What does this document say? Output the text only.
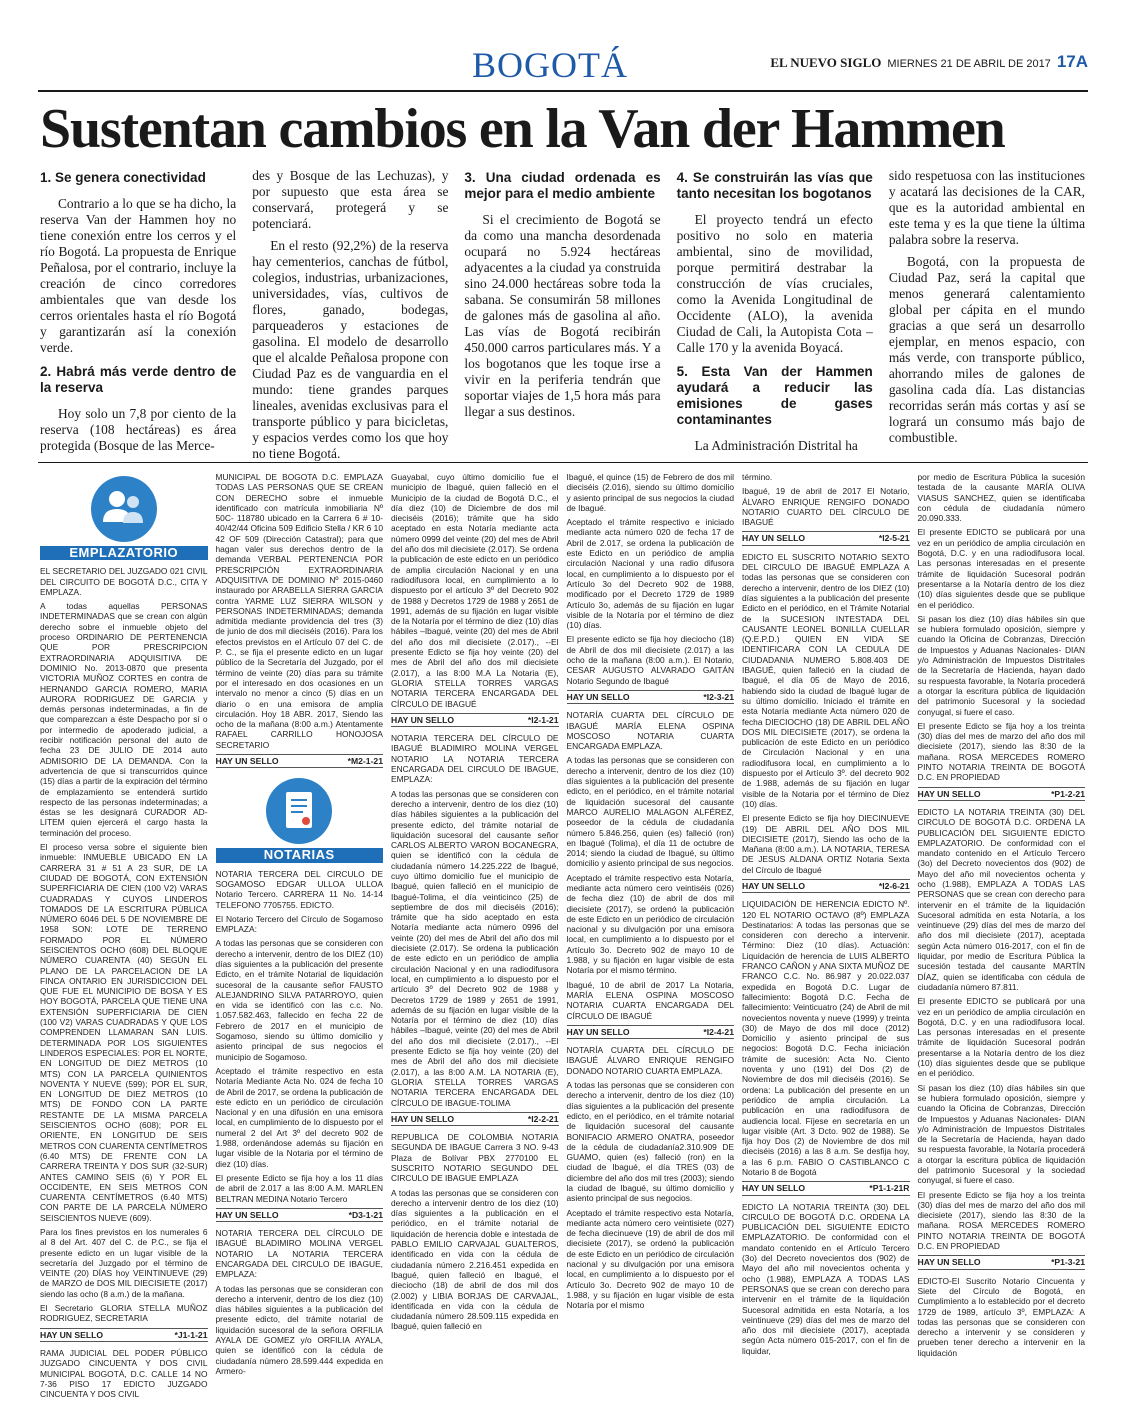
BOGOTÁ	EL NUEVO SIGLO MIERNES 21 DE ABRIL DE 2017 17A
Sustentan cambios en la Van der Hammen
1. Se genera conectividad

Contrario a lo que se ha dicho, la reserva Van der Hammen hoy no tiene conexión entre los cerros y el río Bogotá. La propuesta de Enrique Peñalosa, por el contrario, incluye la creación de cinco corredores ambientales que van desde los cerros orientales hasta el río Bogotá y garantizarán así la conexión verde.

2. Habrá más verde dentro de la reserva

Hoy solo un 7,8 por ciento de la reserva (108 hectáreas) es área protegida (Bosque de las Merce-

des y Bosque de las Lechuzas), y por supuesto que esta área se conservará, protegerá y se potenciará.

En el resto (92,2%) de la reserva hay cementerios, canchas de fútbol, colegios, industrias, urbanizaciones, universidades, vías, cultivos de flores, ganado, bodegas, parqueaderos y estaciones de gasolina. El modelo de desarrollo que el alcalde Peñalosa propone con Ciudad Paz es de vanguardia en el mundo: tiene grandes parques lineales, avenidas exclusivas para el transporte público y para bicicletas, y espacios verdes como los que hoy no tiene Bogotá.

3. Una ciudad ordenada es mejor para el medio ambiente

Si el crecimiento de Bogotá se da como una mancha desordenada ocupará no 5.924 hectáreas adyacentes a la ciudad ya construida sino 24.000 hectáreas sobre toda la sabana. Se consumirán 58 millones de galones más de gasolina al año. Las vías de Bogotá recibirán 450.000 carros particulares más. Y a los bogotanos que les toque irse a vivir en la periferia tendrán que soportar viajes de 1,5 hora más para llegar a sus destinos.

4. Se construirán las vías que tanto necesitan los bogotanos

El proyecto tendrá un efecto positivo no solo en materia ambiental, sino de movilidad, porque permitirá destrabar la construcción de vías cruciales, como la Avenida Longitudinal de Occidente (ALO), la avenida Ciudad de Cali, la Autopista Cota – Calle 170 y la avenida Boyacá.

5. Esta Van der Hammen ayudará a reducir las emisiones de gases contaminantes

La Administración Distrital ha

sido respetuosa con las instituciones y acatará las decisiones de la CAR, que es la autoridad ambiental en este tema y es la que tiene la última palabra sobre la reserva.

Bogotá, con la propuesta de Ciudad Paz, será la capital que menos generará calentamiento global per cápita en el mundo gracias a que será un desarrollo ejemplar, en menos espacio, con más verde, con transporte público, ahorrando miles de galones de gasolina cada día. Las distancias recorridas serán más cortas y así se logrará un consumo más bajo de combustible.

EMPLAZATORIO
EL SECRETARIO DEL JUZGADO 021 CIVIL DEL CIRCUITO DE BOGOTÁ D.C., CITA Y EMPLAZA.
A todas aquellas PERSONAS INDETERMINADAS que se crean con algún derecho sobre el inmueble objeto del proceso ORDINARIO DE PERTENENCIA QUE POR PRESCRIPCION EXTRAORDINARIA ADQUISITIVA DE DOMINIO No. 2013-0870 que presenta VICTORIA MUÑOZ CORTES en contra de HERNANDO GARCIA ROMERO, MARIA AURORA RODRIGUEZ DE GARCIA y demás personas indeterminadas, a fin de que comparezcan a éste Despacho por sí o por intermedio de apoderado judicial, a recibir notificación personal del auto de fecha 23 DE JULIO DE 2014 auto ADMISORIO DE LA DEMANDA. Con la advertencia de que si transcurridos quince (15) días a partir de la expiración del término de emplazamiento se entenderá surtido respecto de las personas indeterminadas; a éstas se les designará CURADOR AD-LITEM quien ejercerá el cargo hasta la terminación del proceso.
El proceso versa sobre el siguiente bien inmueble: INMUEBLE UBICADO EN LA CARRERA 31 # 51 A 23 SUR, DE LA CIUDAD DE BOGOTÁ, CON EXTENSIÓN SUPERFICIARIA DE CIEN (100 V2) VARAS CUADRADAS Y CUYOS LINDEROS TOMADOS DE LA ESCRITURA PÚBLICA NÚMERO 6046 DEL 5 DE NOVIEMBRE DE 1958 SON: LOTE DE TERRENO FORMADO POR EL NÚMERO SEISCIENTOS OCHO (608) DEL BLOQUE NÚMERO CUARENTA (40) SEGÚN EL PLANO DE LA PARCELACION DE LA FINCA ONTARIO EN JURISDICCION DEL QUE FUE EL MUNICIPIO DE BOSA Y ES HOY BOGOTÁ, PARCELA QUE TIENE UNA EXTENSIÓN SUPERFICIARIA DE CIEN (100 V2) VARAS CUADRADAS Y QUE LOS COMPRENDEN LLAMARAN SAN LUIS. DETERMINADA POR LOS SIGUIENTES LINDEROS ESPECIALES: POR EL NORTE, EN LONGITUD DE DIEZ METROS (10 MTS) CON LA PARCELA QUINIENTOS NOVENTA Y NUEVE (599); POR EL SUR, EN LONGITUD DE DIEZ METROS (10 MTS) DE FONDO CON LA PARTE RESTANTE DE LA MISMA PARCELA SEISCIENTOS OCHO (608); POR EL ORIENTE, EN LONGITUD DE SEIS METROS CON CUARENTA CENTÍMETROS (6.40 MTS) DE FRENTE CON LA CARRERA TREINTA Y DOS SUR (32-SUR) ANTES CAMINO SEIS (6) Y POR EL OCCIDENTE, EN SEIS METROS CON CUARENTA CENTÍMETROS (6.40 MTS) CON PARTE DE LA PARCELA NÚMERO SEISCIENTOS NUEVE (609).
Para los fines previstos en los numerales 6 al 8 del Art. 407 del C. de P.C., se fija el presente edicto en un lugar visible de la secretaría del Juzgado por el término de VEINTE (20) DÍAS hoy VEINTINUEVE (29) de MARZO de DOS MIL DIECISIETE (2017) siendo las ocho (8 a.m.) de la mañana.
El Secretario GLORIA STELLA MUÑOZ RODRIGUEZ, SECRETARIA
HAY UN SELLO	*J1-1-21
RAMA JUDICIAL DEL PODER PÚBLICO JUZGADO CINCUENTA Y DOS CIVIL MUNICIPAL BOGOTÁ, D.C. CALLE 14 NO 7-36 PISO 17 EDICTO JUZGADO CINCUENTA Y DOS CIVIL
MUNICIPAL DE BOGOTA D.C. EMPLAZA TODAS LAS PERSONAS QUE SE CREAN CON DERECHO sobre el inmueble identificado con matrícula inmobiliaria Nº 50C- 118780 ubicado en la Carrera 6 # 10-40/42/44 Oficina 509 Edificio Stella / KR 6 10 42 OF 509 (Dirección Catastral); para que hagan valer sus derechos dentro de la demanda VERBAL PERTENENCIA POR PRESCRIPCIÓN EXTRAORDINARIA ADQUISITIVA DE DOMINIO Nº 2015-0460 instaurado por ARABELLA SIERRA GARCIA contra YARME LUZ SIERRA WILSON y PERSONAS INDETERMINADAS; demanda admitida mediante providencia del tres (3) de junio de dos mil dieciséis (2016). Para los efectos previstos en el Artículo 07 del C. de P. C., se fija el presente edicto en un lugar público de la Secretaría del Juzgado, por el término de veinte (20) días para su trámite por el interesado en dos ocasiones en un intervalo no menor a cinco (5) días en un diario o en una emisora de amplia circulación. Hoy 18 ABR. 2017, Siendo las ocho de la mañana (8:00 a.m.) Atentamente RAFAEL CARRILLO HONOJOSA SECRETARIO
HAY UN SELLO	*M2-1-21
NOTARIAS
NOTARIA TERCERA DEL CIRCULO DE SOGAMOSO EDGAR ULLOA ULLOA Notario Tercero. CARRERA 11 No. 14-14 TELEFONO 7705755. EDICTO.
El Notario Tercero del Círculo de Sogamoso EMPLAZA:
A todas las personas que se consideren con derecho a intervenir, dentro de los DIEZ (10) días siguientes a la publicación del presente Edicto, en el trámite Notarial de liquidación sucesoral de la causante señor FAUSTO ALEJANDRINO SILVA PATARROYO, quien en vida se identificó con las c.c. No. 1.057.582.463, fallecido en fecha 22 de Febrero de 2017 en el municipio de Sogamoso, siendo su último domicilio y asiento principal de sus negocios el municipio de Sogamoso.
Aceptado el trámite respectivo en esta Notaría Mediante Acta No. 024 de fecha 10 de Abril de 2017, se ordena la publicación de este edicto en un periódico de circulación Nacional y en una difusión en una emisora local, en cumplimiento de lo dispuesto por el numeral 2 del Art 3º del decreto 902 de 1.988, ordenándose además su fijación en lugar visible de la Notaria por el término de diez (10) días.
El presente Edicto se fija hoy a los 11 días de abril de 2.017 a las 8:00 A.M. MARLEN BELTRAN MEDINA Notario Tercero
HAY UN SELLO	*D3-1-21
NOTARIA TERCERA DEL CÍRCULO DE IBAGUÉ BLADIMIRO MOLINA VERGEL NOTARIO LA NOTARIA TERCERA ENCARGADA DEL CIRCULO DE IBAGUE, EMPLAZA:
A todas las personas que se consideran con derecho a intervenir, dentro de los diez (10) días hábiles siguientes a la publicación del presente edicto, del trámite notarial de liquidación sucesoral de la señora ORFILIA AYALA DE GOMEZ y/o ORFILIA AYALA, quien se identificó con la cédula de ciudadanía número 28.599.444 expedida en Armero-
Guayabal, cuyo último domicilio fue el municipio de Ibagué, quien falleció en el Municipio de la ciudad de Bogotá D.C., el día diez (10) de Diciembre de dos mil dieciséis (2016); trámite que ha sido aceptado en esta Notaría mediante acta número 0999 del veinte (20) del mes de Abril del año dos mil diecisiete (2.017). Se ordena la publicación de este edicto en un periódico de amplia circulación Nacional y en una radiodifusora local, en cumplimiento a lo dispuesto por el artículo 3º del Decreto 902 de 1988 y Decretos 1729 de 1988 y 2651 de 1991, además de su fijación en lugar visible de la Notaría por el término de diez (10) días hábiles –Ibagué, veinte (20) del mes de Abril del año dos mil diecisiete (2.017)., --El presente Edicto se fija hoy veinte (20) del mes de Abril del año dos mil diecisiete (2.017), a las 8:00 M.A La Notaria (E), GLORIA STELLA TORRES VARGAS NOTARIA TERCERA ENCARGADA DEL CÍRCULO DE IBAGUÉ
HAY UN SELLO	*I2-1-21
NOTARIA TERCERA DEL CÍRCULO DE IBAGUÉ BLADIMIRO MOLINA VERGEL NOTARIO LA NOTARIA TERCERA ENCARGADA DEL CIRCULO DE IBAGUE, EMPLAZA:
A todas las personas que se consideren con derecho a intervenir, dentro de los diez (10) días hábiles siguientes a la publicación del presente edicto, del trámite notarial de liquidación sucesoral del causante señor CARLOS ALBERTO VARON BOCANEGRA, quien se identificó con la cédula de ciudadanía número 14.225.222 de Ibagué, cuyo último domicilio fue el municipio de Ibagué, quien falleció en el municipio de Ibagué-Tolima, el día veinticinco (25) de septiembre de dos mil dieciséis (2016); trámite que ha sido aceptado en esta Notaría mediante acta número 0996 del veinte (20) del mes de Abril del año dos mil diecisiete (2.017). Se ordena la publicación de este edicto en un periódico de amplia circulación Nacional y en una radiodifusora local, en cumplimiento a lo dispuesto por el artículo 3º del Decreto 902 de 1988 y Decretos 1729 de 1989 y 2651 de 1991, además de su fijación en lugar visible de la Notaría por el término de diez (10) días hábiles –Ibagué, veinte (20) del mes de Abril del año dos mil diecisiete (2.017)., --El presente Edicto se fija hoy veinte (20) del mes de Abril del año dos mil diecisiete (2.017), a las 8:00 A.M. LA NOTARIA (E), GLORIA STELLA TORRES VARGAS NOTARIA TERCERA ENCARGADA DEL CÍRCULO DE IBAGUE-TOLIMA
HAY UN SELLO	*I2-2-21
REPUBLICA DE COLOMBIA NOTARIA SEGUNDA DE IBAGUE Carrera 3 NO. 9-43 Plaza de Bolívar PBX 2770100 EL SUSCRITO NOTARIO SEGUNDO DEL CIRCULO DE IBAGUE EMPLAZA
A todas las personas que se consideren con derecho a intervenir dentro de los diez (10) días siguientes a la publicación en el periódico, en el trámite notarial de liquidación de herencia doble e intestada de PABLO EMILIO CARVAJAL GUALTEROS, identificado en vida con la cédula de ciudadanía número 2.216.451 expedida en Ibagué, quien falleció en Ibagué, el dieciocho (18) de abril de dos mil dos (2.002) y LIBIA BORJAS DE CARVAJAL, identificada en vida con la cédula de ciudadanía número 28.509.115 expedida en Ibagué, quien falleció en
Ibagué, el quince (15) de Febrero de dos mil dieciséis (2.016), siendo su último domicilio y asiento principal de sus negocios la ciudad de Ibagué.
Aceptado el trámite respectivo e iniciado mediante acta número 020 de fecha 17 de Abril de 2.017, se ordena la publicación de este Edicto en un periódico de amplia circulación Nacional y una radio difusora local, en cumplimiento a lo dispuesto por el Artículo 3o del Decreto 902 de 1988, modificado por el Decreto 1729 de 1989 Artículo 3o, además de su fijación en lugar visible de la Notaría por el término de diez (10) días.
El presente edicto se fija hoy dieciocho (18) de Abril de dos mil diecisiete (2.017) a las ocho de la mañana (8:00 a.m.). El Notario, CESAR AUGUSTO ALVARADO GAITÁN Notario Segundo de Ibagué
HAY UN SELLO	*I2-3-21
NOTARÍA CUARTA DEL CÍRCULO DE IBAGUÉ MARÍA ELENA OSPINA MOSCOSO NOTARIA CUARTA ENCARGADA EMPLAZA.
A todas las personas que se consideren con derecho a intervenir, dentro de los diez (10) días siguientes a la publicación del presente edicto, en el periódico, en el trámite notarial de liquidación sucesoral del causante MARCO AURELIO MALAGON ALFÉREZ, poseedor de la cédula de ciudadanía número 5.846.256, quien (es) falleció (ron) en Ibagué (Tolima), el día 11 de octubre de 2014; siendo la ciudad de Ibagué, su último domicilio y asiento principal de sus negocios.
Aceptado el trámite respectivo esta Notaría, mediante acta número cero veintiséis (026) de fecha diez (10) de abril de dos mil diecisiete (2017), se ordenó la publicación de este Edicto en un periódico de circulación nacional y su divulgación por una emisora local, en cumplimiento a lo dispuesto por el Artículo 3o. Decreto 902 de mayo 10 de 1.988, y su fijación en lugar visible de esta Notaría por el mismo término.
Ibagué, 10 de abril de 2017 La Notaria, MARÍA ELENA OSPINA MOSCOSO NOTARIA CUARTA ENCARGADA DEL CÍRCULO DE IBAGUÉ
HAY UN SELLO	*I2-4-21
NOTARÍA CUARTA DEL CÍRCULO DE IBAGUÉ ÁLVARO ENRIQUE RENGIFO DONADO NOTARIO CUARTA EMPLAZA.
A todas las personas que se consideren con derecho a intervenir, dentro de los diez (10) días siguientes a la publicación del presente edicto, en el periódico, en el trámite notarial de liquidación sucesoral del causante BONIFACIO ARMERO ONATRA, poseedor de la cédula de ciudadanía2.310.909 DE GUAMO, quien (es) falleció (ron) en la ciudad de Ibagué, el día TRES (03) de diciembre del año dos mil tres (2003); siendo la ciudad de Ibagué, su último domicilio y asiento principal de sus negocios.
Aceptado el trámite respectivo esta Notaría, mediante acta número cero veintisiete (027) de fecha diecinueve (19) de abril de dos mil diecisiete (2017), se ordenó la publicación de este Edicto en un periódico de circulación nacional y su divulgación por una emisora local, en cumplimiento a lo dispuesto por el Artículo 3o. Decreto 902 de mayo 10 de 1.988, y su fijación en lugar visible de esta Notaría por el mismo
término.
Ibagué, 19 de abril de 2017 El Notario, ÁLVARO ENRIQUE RENGIFO DONADO NOTARIO CUARTO DEL CÍRCULO DE IBAGUÉ
HAY UN SELLO	*I2-5-21
EDICTO EL SUSCRITO NOTARIO SEXTO DEL CIRCULO DE IBAGUÉ EMPLAZA A todas las personas que se consideren con derecho a intervenir, dentro de los DIEZ (10) días siguientes a la publicación del presente Edicto en el periódico, en el Trámite Notarial de la SUCESION INTESTADA DEL CAUSANTE LEONEL BONILLA CUELLAR (Q.E.P.D.) QUIEN EN VIDA SE IDENTIFICARA CON LA CEDULA DE CIUDADANIA NUMERO 5.808.403 DE IBAGUÉ, quien falleció en la ciudad de Ibagué, el día 05 de Mayo de 2016, habiendo sido la ciudad de Ibagué lugar de su último domicilio. Iniciado el trámite en esta Notaría mediante Acta número 020 de fecha DIECIOCHO (18) DE ABRIL DEL AÑO DOS MIL DIECISIETE (2017), se ordena la publicación de este Edicto en un periódico de Circulación Nacional y en una radiodifusora local, en cumplimiento a lo dispuesto por el Artículo 3º. del decreto 902 de 1.988, además de su fijación en lugar visible de la Notaria por el término de Diez (10) días.
El presente Edicto se fija hoy DIECINUEVE (19) DE ABRIL DEL AÑO DOS MIL DIECISIETE (2017), Siendo las ocho de la Mañana (8:00 a.m.). LA NOTARIA, TERESA DE JESUS ALDANA ORTIZ Notaria Sexta del Círculo de Ibagué
HAY UN SELLO	*I2-6-21
LIQUIDACIÓN DE HERENCIA EDICTO Nº. 120 EL NOTARIO OCTAVO (8º) EMPLAZA Destinatarios: A todas las personas que se consideren con derecho a intervenir. Término: Diez (10 días). Actuación: Liquidación de herencia de LUIS ALBERTO FRANCO CAÑON y ANA SIXTA MUÑOZ DE FRANCO C.C. No. 86.987 y 20.022.037 expedida en Bogotá D.C. Lugar de fallecimiento: Bogotá D.C. Fecha de fallecimiento: Veinticuatro (24) de Abril de mil novecientos noventa y nueve (1999) y treinta (30) de Mayo de dos mil doce (2012) Domicilio y asiento principal de sus negocios: Bogotá D.C. Fecha iniciación trámite de sucesión: Acta No. Ciento noventa y uno (191) del Dos (2) de Noviembre de dos mil dieciséis (2016). Se ordena: La publicación del presente en un periódico de amplia circulación. La publicación en una radiodifusora de audiencia local. Fíjese en secretaría en un lugar visible (Art. 3 Dcto. 902 de 1988). Se fija hoy Dos (2) de Noviembre de dos mil dieciséis (2016) a las 8 a.m. Se desfija hoy, a las 6 p.m. FABIO O CASTIBLANCO C Notario 8 de Bogotá
HAY UN SELLO	*P1-1-21R
EDICTO LA NOTARIA TREINTA (30) DEL CIRCULO DE BOGOTÁ D.C. ORDENA LA PUBLICACIÓN DEL SIGUIENTE EDICTO EMPLAZATORIO. De conformidad con el mandato contenido en el Artículo Tercero (3o) del Decreto novecientos dos (902) de Mayo del año mil novecientos ochenta y ocho (1.988), EMPLAZA A TODAS LAS PERSONAS que se crean con derecho para intervenir en el trámite de la liquidación Sucesoral admitida en esta Notaría, a los veintinueve (29) días del mes de marzo del año dos mil diecisiete (2017), aceptada según Acta número 015-2017, con el fin de liquidar,
por medio de Escritura Pública la sucesión testada de la causante MARÍA OLIVA VIASUS SANCHEZ, quien se identificaba con cédula de ciudadanía número 20.090.333.
El presente EDICTO se publicará por una vez en un periódico de amplia circulación en Bogotá, D.C. y en una radiodifusora local. Las personas interesadas en el presente trámite de liquidación Sucesoral podrán presentarse a la Notaría dentro de los diez (10) días siguientes desde que se publique en el periódico.
Si pasan los diez (10) días hábiles sin que se hubiera formulado oposición, siempre y cuando la Oficina de Cobranzas, Dirección de Impuestos y Aduanas Nacionales- DIAN y/o Administración de Impuestos Distritales de la Secretaría de Hacienda, hayan dado su respuesta favorable, la Notaría procederá a otorgar la escritura pública de liquidación del patrimonio Sucesoral y la sociedad conyugal, si fuere el caso.
El presente Edicto se fija hoy a los treinta (30) días del mes de marzo del año dos mil diecisiete (2017), siendo las 8:30 de la mañana. ROSA MERCEDES ROMERO PINTO NOTARIA TREINTA DE BOGOTÁ D.C. EN PROPIEDAD
HAY UN SELLO	*P1-2-21
EDICTO LA NOTARIA TREINTA (30) DEL CIRCULO DE BOGOTÁ D.C. ORDENA LA PUBLICACIÓN DEL SIGUIENTE EDICTO EMPLAZATORIO. De conformidad con el mandato contenido en el Artículo Tercero (3o) del Decreto novecientos dos (902) de Mayo del año mil novecientos ochenta y ocho (1.988), EMPLAZA A TODAS LAS PERSONAS que se crean con derecho para intervenir en el trámite de la liquidación Sucesoral admitida en esta Notaría, a los veintinueve (29) días del mes de marzo del año dos mil diecisiete (2017), aceptada según Acta número 016-2017, con el fin de liquidar, por medio de Escritura Pública la sucesión testada del causante MARTÍN DÍAZ, quien se identificaba con cédula de ciudadanía número 87.811.
El presente EDICTO se publicará por una vez en un periódico de amplia circulación en Bogotá, D.C. y en una radiodifusora local. Las personas interesadas en el presente trámite de liquidación Sucesoral podrán presentarse a la Notaría dentro de los diez (10) días siguientes desde que se publique en el periódico.
Si pasan los diez (10) días hábiles sin que se hubiera formulado oposición, siempre y cuando la Oficina de Cobranzas, Dirección de Impuestos y Aduanas Nacionales- DIAN y/o Administración de Impuestos Distritales de la Secretaría de Hacienda, hayan dado su respuesta favorable, la Notaría procederá a otorgar la escritura pública de liquidación del patrimonio Sucesoral y la sociedad conyugal, si fuere el caso.
El presente Edicto se fija hoy a los treinta (30) días del mes de marzo del año dos mil diecisiete (2017), siendo las 8:30 de la mañana. ROSA MERCEDES ROMERO PINTO NOTARIA TREINTA DE BOGOTÁ D.C. EN PROPIEDAD
HAY UN SELLO	*P1-3-21
EDICTO-El Suscrito Notario Cincuenta y Siete del Círculo de Bogotá, en Cumplimiento a lo establecido por el decreto 1729 de 1989, artículo 3º, EMPLAZA: A todas las personas que se consideren con derecho a intervenir y se consideren y prueben tener derecho a intervenir en la liquidación
